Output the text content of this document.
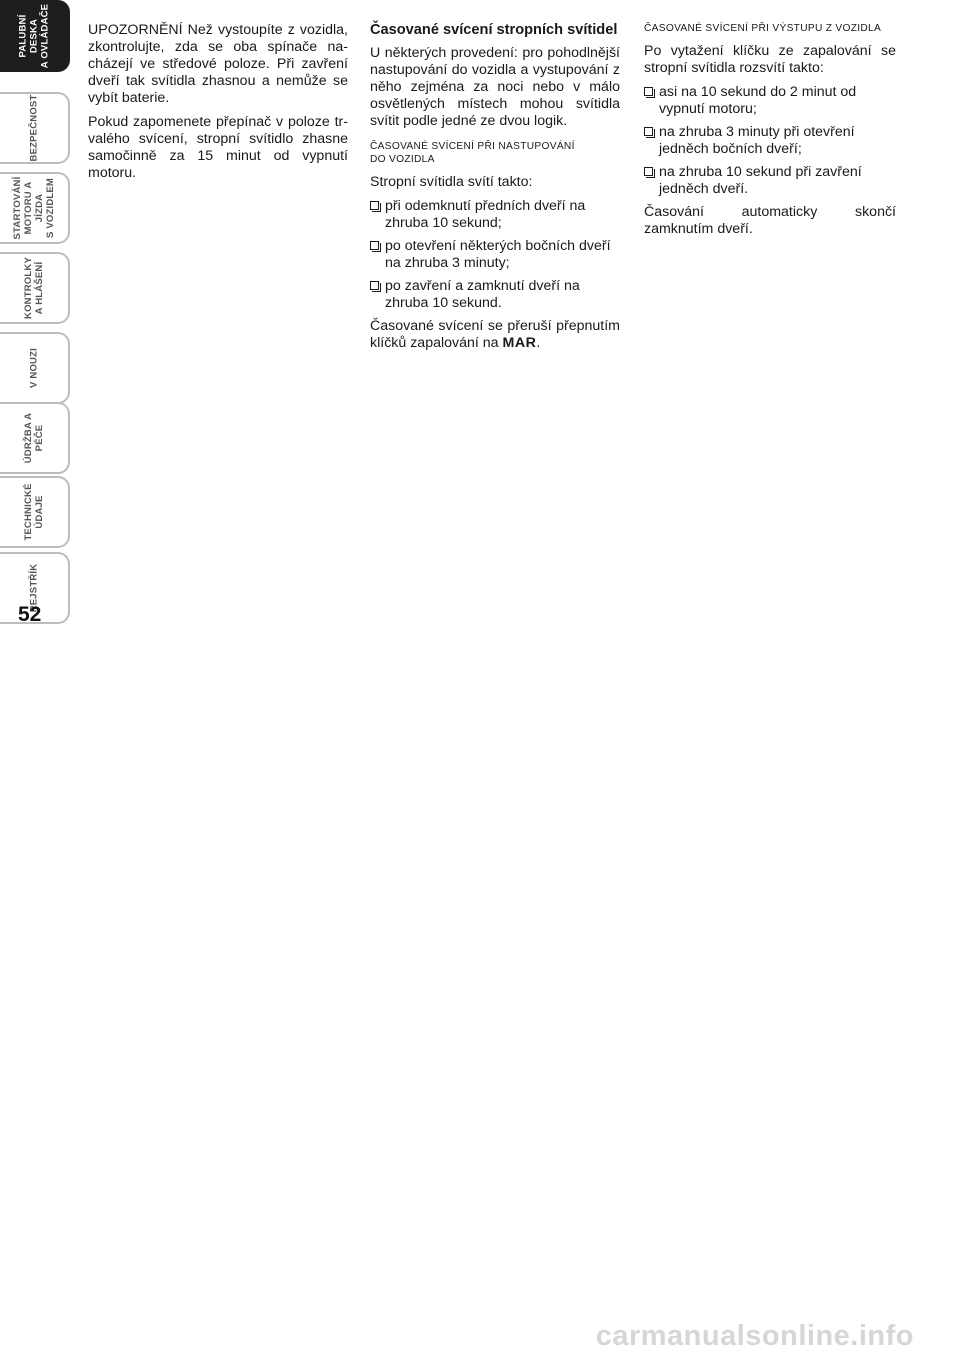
PALUBNÍ DESKA
A OVLÁDAČE
BEZPEČNOST
STARTOVÁNÍ
MOTORU A JÍZDA
S VOZIDLEM
KONTROLKY
A HLÁŠENÍ
V NOUZI
ÚDRŽBA A PÉČE
TECHNICKÉ
ÚDAJE
REJSTŘÍK
52

UPOZORNĚNÍ Než vystoupíte z vozidla, zkontrolujte, zda se oba spínače nacházejí ve středové poloze. Při zavření dveří tak svítidla zhasnou a nemůže se vybít baterie.

Pokud zapomenete přepínač v poloze trvalého svícení, stropní svítidlo zhasne samočinně za 15 minut od vypnutí motoru.

Časované svícení stropních svítidel

U některých provedení: pro pohodlnější nastupování do vozidla a vystupování z něho zejména za noci nebo v málo osvětlených místech mohou svítidla svítit podle jedné ze dvou logik.

ČASOVANÉ SVÍCENÍ PŘI NASTUPOVÁNÍ
DO VOZIDLA

Stropní svítidla svítí takto:

při odemknutí předních dveří na zhruba 10 sekund;
po otevření některých bočních dveří na zhruba 3 minuty;
po zavření a zamknutí dveří na zhruba 10 sekund.

Časované svícení se přeruší přepnutím klíčků zapalování na MAR.

ČASOVANÉ SVÍCENÍ PŘI VÝSTUPU Z VOZIDLA

Po vytažení klíčku ze zapalování se stropní svítidla rozsvítí takto:

asi na 10 sekund do 2 minut od vypnutí motoru;
na zhruba 3 minuty při otevření jedněch bočních dveří;
na zhruba 10 sekund při zavření jedněch dveří.

Časování automaticky skončí zamknutím dveří.

carmanualsonline.info
